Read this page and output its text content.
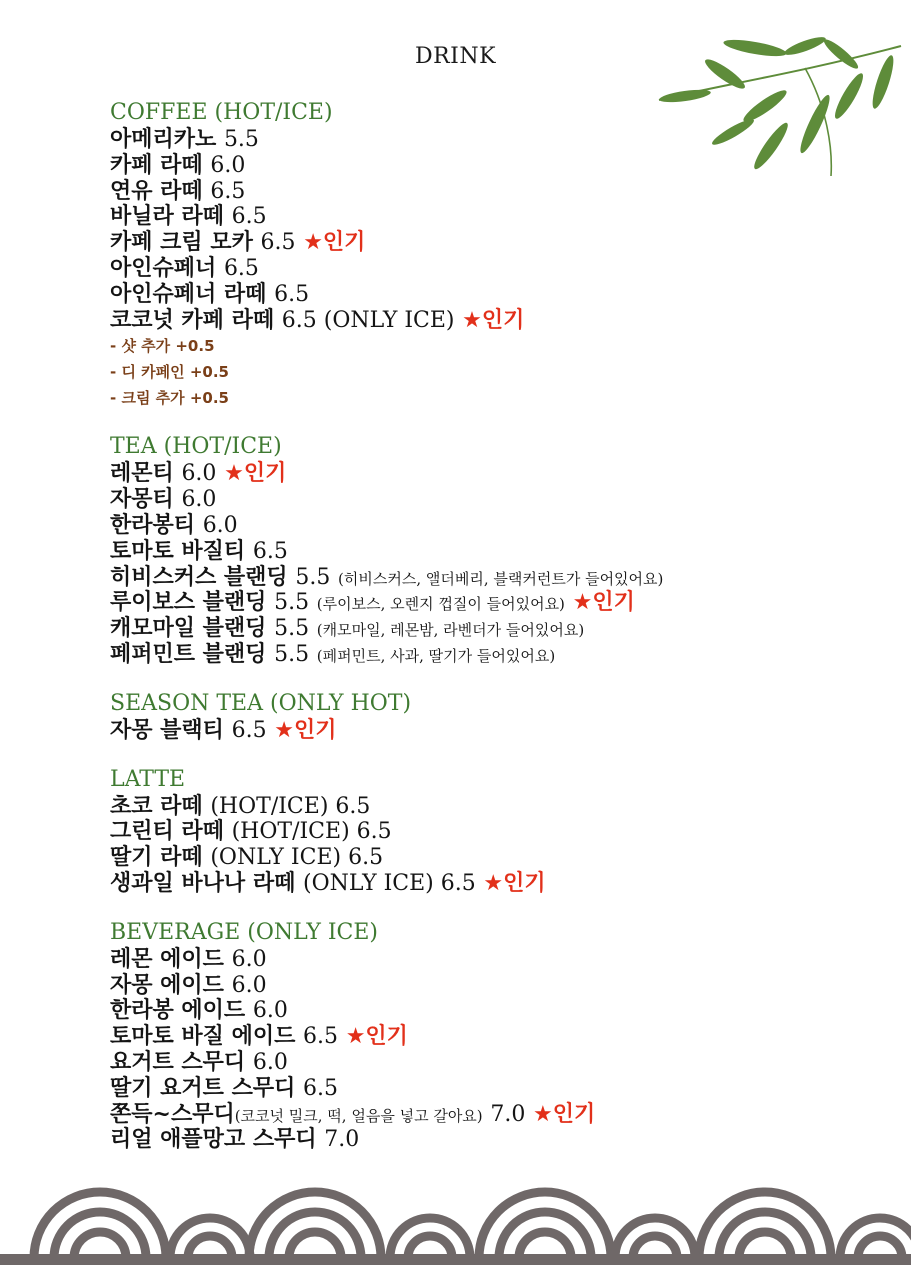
DRINK
COFFEE (HOT/ICE)
아메리카노 5.5
카페 라떼 6.0
연유 라떼 6.5
바닐라 라떼 6.5
카페 크림 모카 6.5 ★인기
아인슈페너 6.5
아인슈페너 라떼 6.5
코코넛 카페 라떼 6.5 (ONLY ICE) ★인기
- 샷 추가 +0.5
- 디 카페인 +0.5
- 크림 추가 +0.5
TEA (HOT/ICE)
레몬티 6.0 ★인기
자몽티 6.0
한라봉티 6.0
토마토 바질티 6.5
히비스커스 블랜딩 5.5 (히비스커스, 앨더베리, 블랙커런트가 들어있어요)
루이보스 블랜딩 5.5 (루이보스, 오렌지 껍질이 들어있어요) ★인기
캐모마일 블랜딩 5.5 (캐모마일, 레몬밤, 라벤더가 들어있어요)
페퍼민트 블랜딩 5.5 (페퍼민트, 사과, 딸기가 들어있어요)
SEASON TEA (ONLY HOT)
자몽 블랙티 6.5 ★인기
LATTE
초코 라떼 (HOT/ICE) 6.5
그린티 라떼 (HOT/ICE) 6.5
딸기 라떼 (ONLY ICE) 6.5
생과일 바나나 라떼 (ONLY ICE) 6.5 ★인기
BEVERAGE (ONLY ICE)
레몬 에이드 6.0
자몽 에이드 6.0
한라봉 에이드 6.0
토마토 바질 에이드 6.5 ★인기
요거트 스무디 6.0
딸기 요거트 스무디 6.5
쫀득~스무디(코코넛 밀크, 떡, 얼음을 넣고 갈아요) 7.0 ★인기
리얼 애플망고 스무디 7.0
